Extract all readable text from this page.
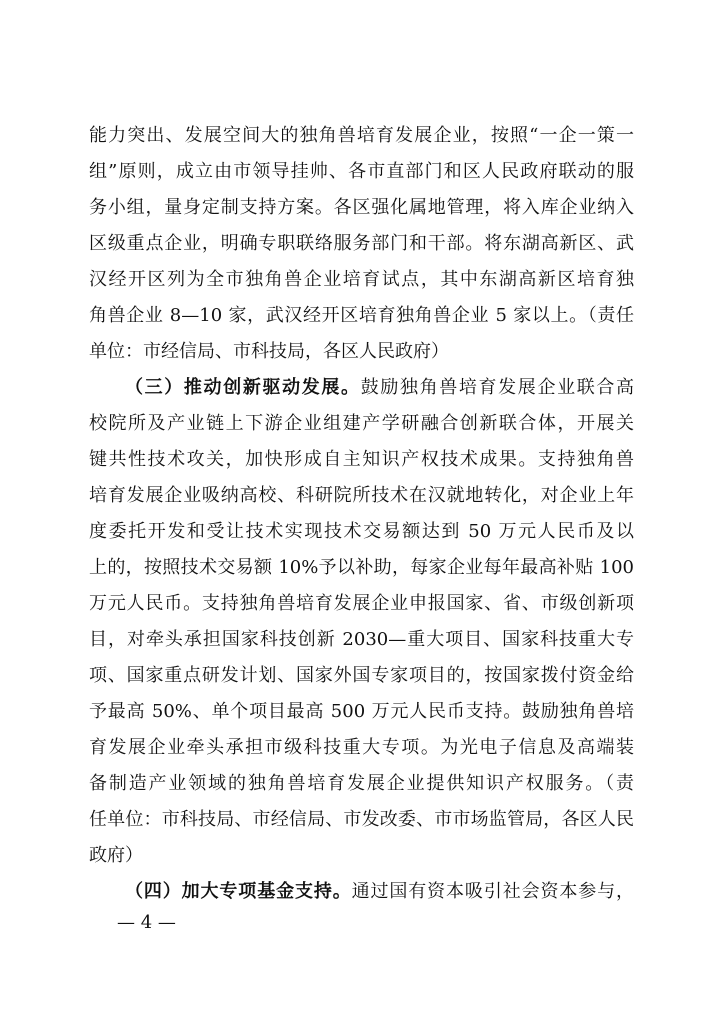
能力突出、发展空间大的独角兽培育发展企业，按照“一企一策一
组”原则，成立由市领导挂帅、各市直部门和区人民政府联动的服
务小组，量身定制支持方案。各区强化属地管理，将入库企业纳入
区级重点企业，明确专职联络服务部门和干部。将东湖高新区、武
汉经开区列为全市独角兽企业培育试点，其中东湖高新区培育独
角兽企业 8—10 家，武汉经开区培育独角兽企业 5 家以上。（责任
单位：市经信局、市科技局，各区人民政府）
（三）推动创新驱动发展。鼓励独角兽培育发展企业联合高
校院所及产业链上下游企业组建产学研融合创新联合体，开展关
键共性技术攻关，加快形成自主知识产权技术成果。支持独角兽
培育发展企业吸纳高校、科研院所技术在汉就地转化，对企业上年
度委托开发和受让技术实现技术交易额达到 50 万元人民币及以
上的，按照技术交易额 10%予以补助，每家企业每年最高补贴 100
万元人民币。支持独角兽培育发展企业申报国家、省、市级创新项
目，对牵头承担国家科技创新 2030—重大项目、国家科技重大专
项、国家重点研发计划、国家外国专家项目的，按国家拨付资金给
予最高 50%、单个项目最高 500 万元人民币支持。鼓励独角兽培
育发展企业牵头承担市级科技重大专项。为光电子信息及高端装
备制造产业领域的独角兽培育发展企业提供知识产权服务。（责
任单位：市科技局、市经信局、市发改委、市市场监管局，各区人民
政府）
（四）加大专项基金支持。通过国有资本吸引社会资本参与，
— 4 —
